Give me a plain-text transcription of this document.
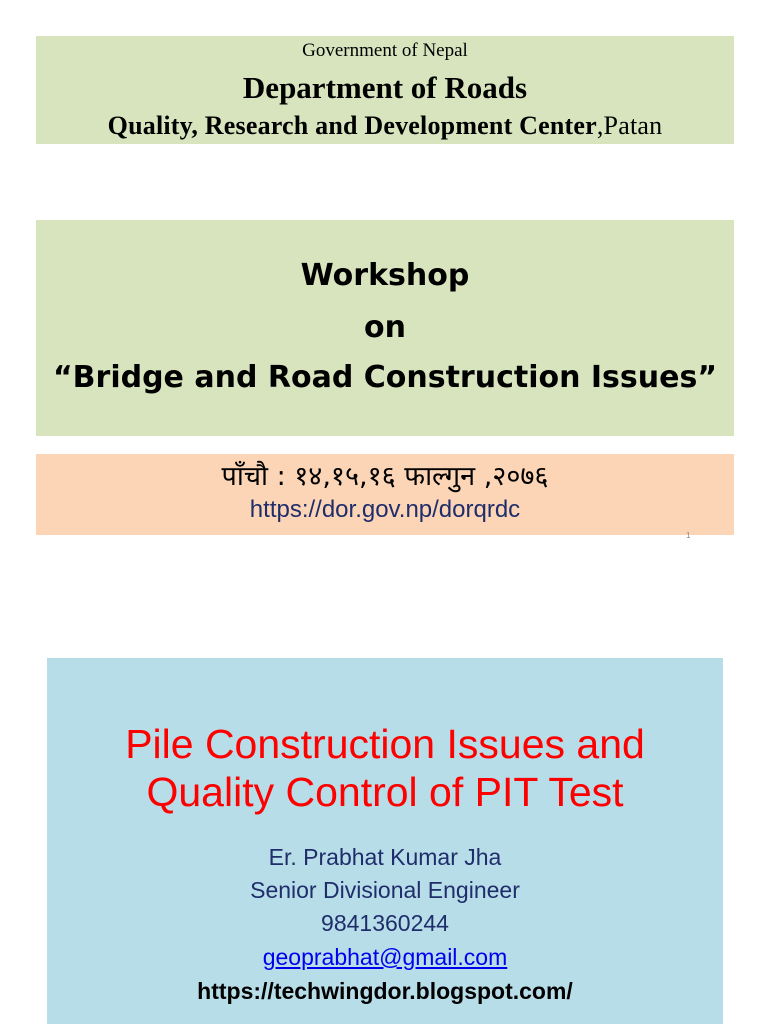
Government of Nepal
Department of Roads
Quality, Research and Development Center,Patan
Workshop
on
“Bridge and Road Construction Issues”
पाँचौ : १४,१५,१६ फाल्गुन ,२०७६
https://dor.gov.np/dorqrdc
1
Pile Construction Issues and
Quality Control of PIT Test
Er. Prabhat Kumar Jha
Senior Divisional Engineer
9841360244
geoprabhat@gmail.com
https://techwingdor.blogspot.com/
